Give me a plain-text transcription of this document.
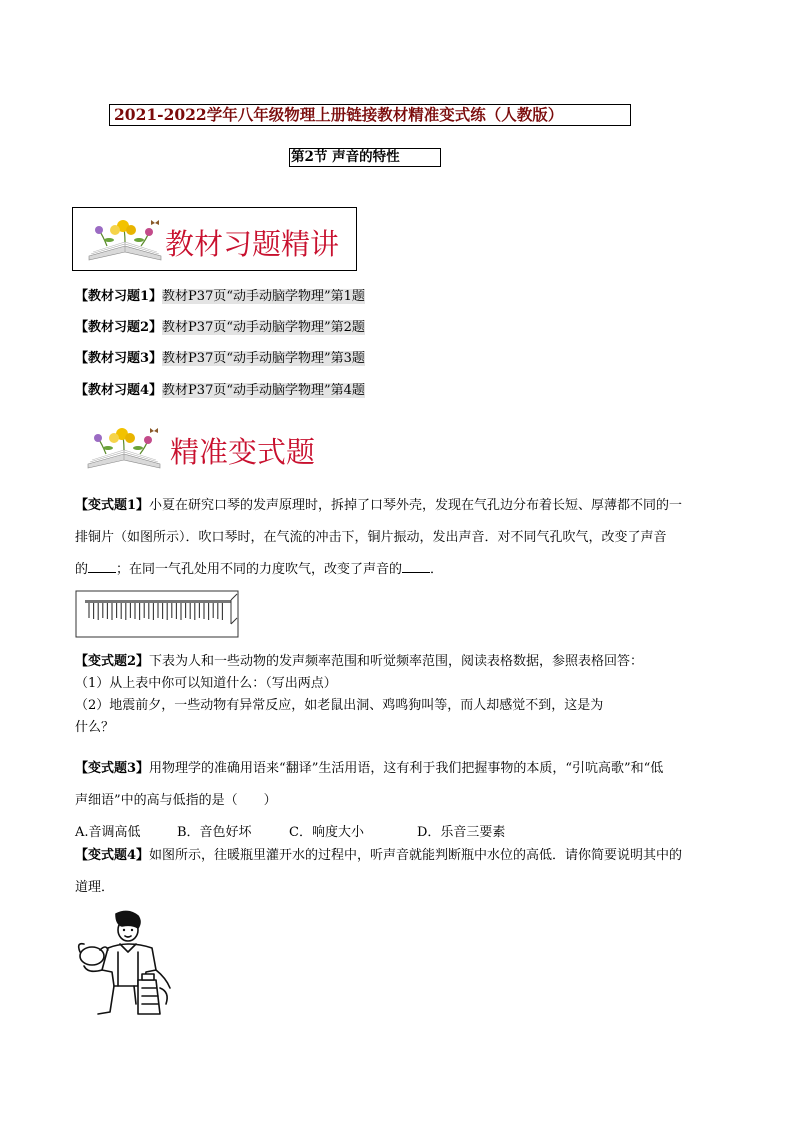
2021-2022学年八年级物理上册链接教材精准变式练（人教版）
第2节 声音的特性
教材习题精讲
【教材习题1】教材P37页“动手动脑学物理”第1题
【教材习题2】教材P37页“动手动脑学物理”第2题
【教材习题3】教材P37页“动手动脑学物理”第3题
【教材习题4】教材P37页“动手动脑学物理”第4题
精准变式题
【变式题1】小夏在研究口琴的发声原理时，拆掉了口琴外壳，发现在气孔边分布着长短、厚薄都不同的一
排铜片（如图所示）．吹口琴时，在气流的冲击下，铜片振动，发出声音．对不同气孔吹气，改变了声音
的 ；在同一气孔处用不同的力度吹气，改变了声音的 ．
【变式题2】下表为人和一些动物的发声频率范围和听觉频率范围，阅读表格数据，参照表格回答：
（1）从上表中你可以知道什么：（写出两点）
（2）地震前夕，一些动物有异常反应，如老鼠出洞、鸡鸣狗叫等，而人却感觉不到，这是为
什么？
【变式题3】用物理学的准确用语来“翻译”生活用语，这有利于我们把握事物的本质，“引吭高歌”和“低
声细语”中的高与低指的是（　　）
A.音调高低	B．音色好坏	C．响度大小	D．乐音三要素
【变式题4】如图所示，往暖瓶里灌开水的过程中，听声音就能判断瓶中水位的高低．请你简要说明其中的
道理．
